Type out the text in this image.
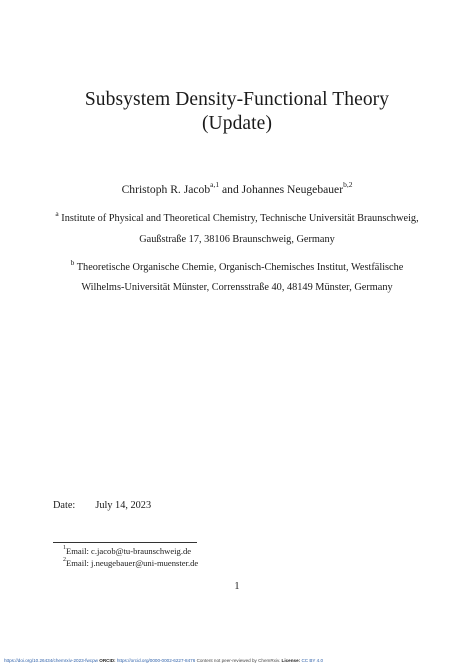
Subsystem Density-Functional Theory
(Update)
Christoph R. Jacob$^{a,1}$ and Johannes Neugebauer$^{b,2}$
$^a$ Institute of Physical and Theoretical Chemistry, Technische Universität Braunschweig,
Gaußstraße 17, 38106 Braunschweig, Germany
$^b$ Theoretische Organische Chemie, Organisch-Chemisches Institut, Westfälische
Wilhelms-Universität Münster, Corrensstraße 40, 48149 Münster, Germany
Date: July 14, 2023
$^1$Email: c.jacob@tu-braunschweig.de
$^2$Email: j.neugebauer@uni-muenster.de
1
https://doi.org/10.26434/chemrxiv-2023-fwcpw ORCID: https://orcid.org/0000-0002-6227-8476 Content not peer-reviewed by ChemRxiv. License: CC BY 4.0
